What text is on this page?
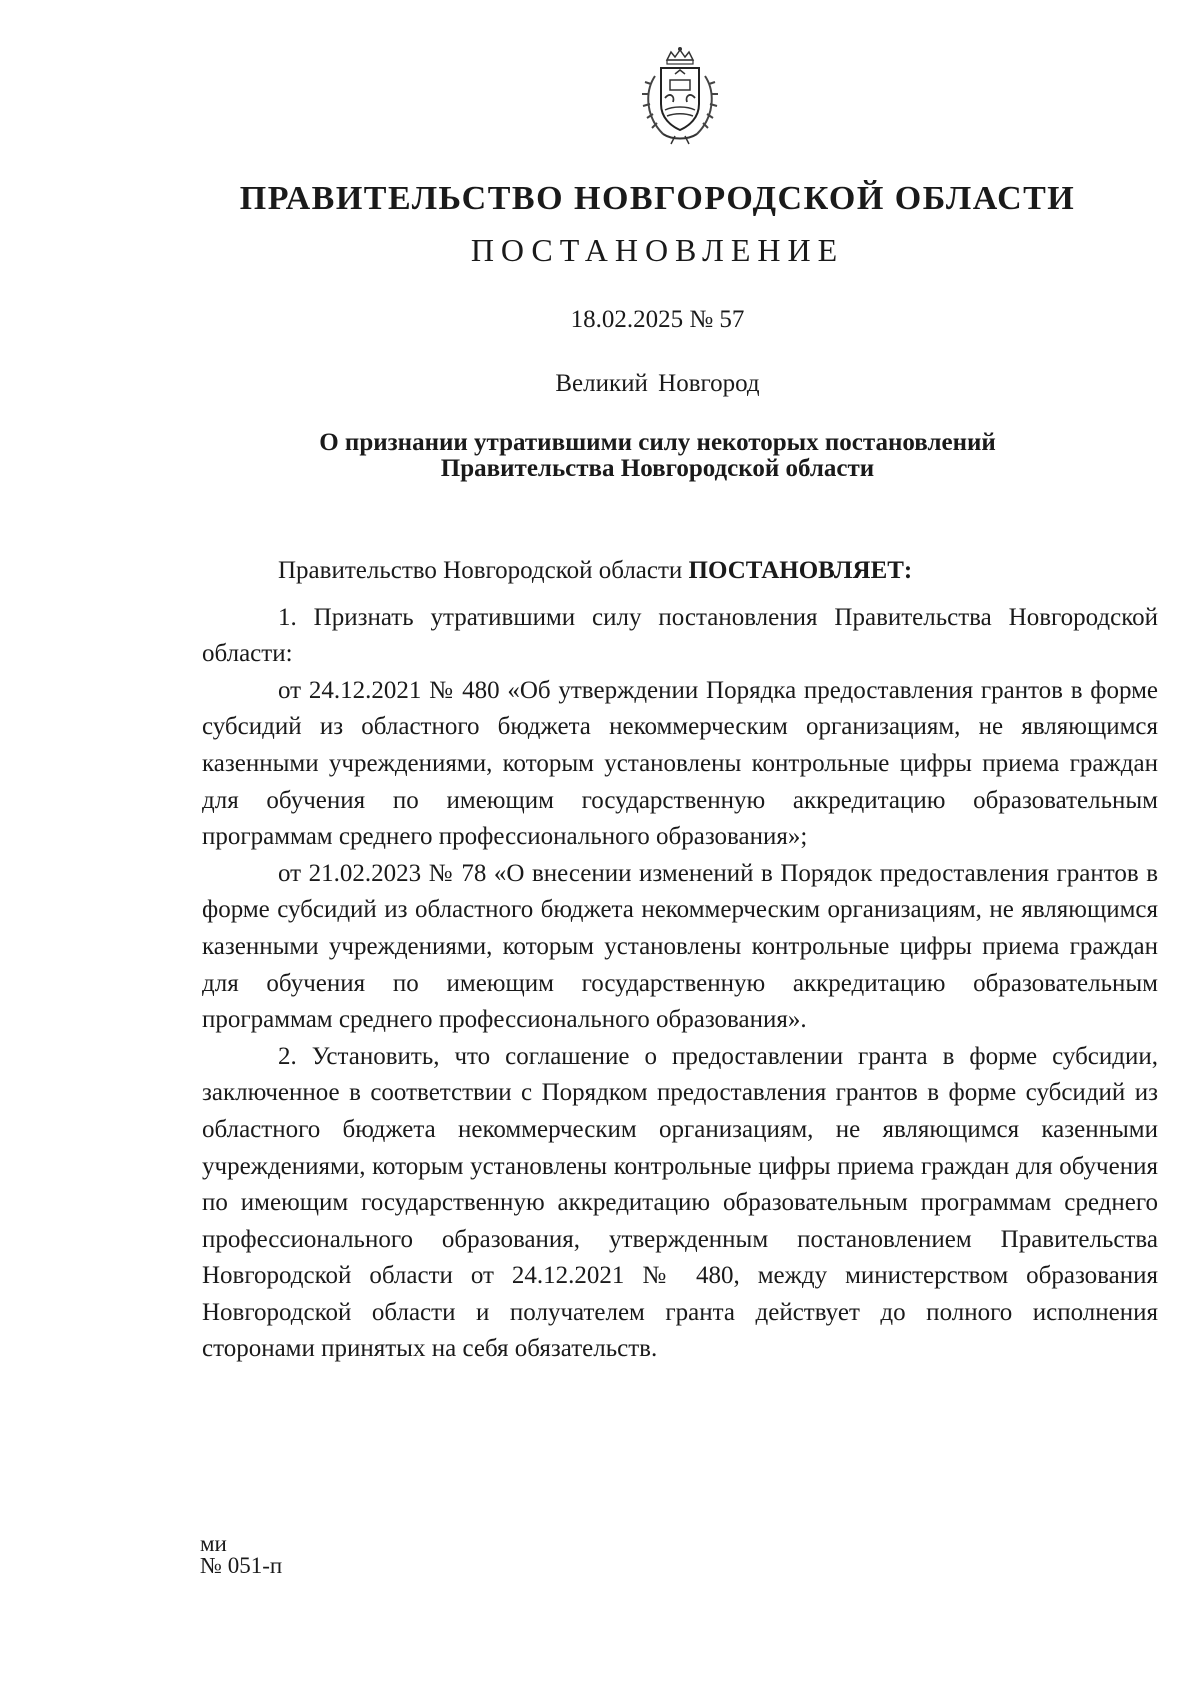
ПРАВИТЕЛЬСТВО НОВГОРОДСКОЙ ОБЛАСТИ
ПОСТАНОВЛЕНИЕ
18.02.2025 № 57
Великий Новгород
О признании утратившими силу некоторых постановлений
Правительства Новгородской области

Правительство Новгородской области ПОСТАНОВЛЯЕТ:

1. Признать утратившими силу постановления Правительства Новгородской области:

от 24.12.2021 № 480 «Об утверждении Порядка предоставления грантов в форме субсидий из областного бюджета некоммерческим организациям, не являющимся казенными учреждениями, которым установлены контрольные цифры приема граждан для обучения по имеющим государственную аккредитацию образовательным программам среднего профессионального образования»;

от 21.02.2023 № 78 «О внесении изменений в Порядок предоставления грантов в форме субсидий из областного бюджета некоммерческим организациям, не являющимся казенными учреждениями, которым установлены контрольные цифры приема граждан для обучения по имеющим государственную аккредитацию образовательным программам среднего профессионального образования».

2. Установить, что соглашение о предоставлении гранта в форме субсидии, заключенное в соответствии с Порядком предоставления грантов в форме субсидий из областного бюджета некоммерческим организациям, не являющимся казенными учреждениями, которым установлены контрольные цифры приема граждан для обучения по имеющим государственную аккредитацию образовательным программам среднего профессионального образования, утвержденным постановлением Правительства Новгородской области от 24.12.2021 № 480, между министерством образования Новгородской области и получателем гранта действует до полного исполнения сторонами принятых на себя обязательств.

ми
№ 051-п
